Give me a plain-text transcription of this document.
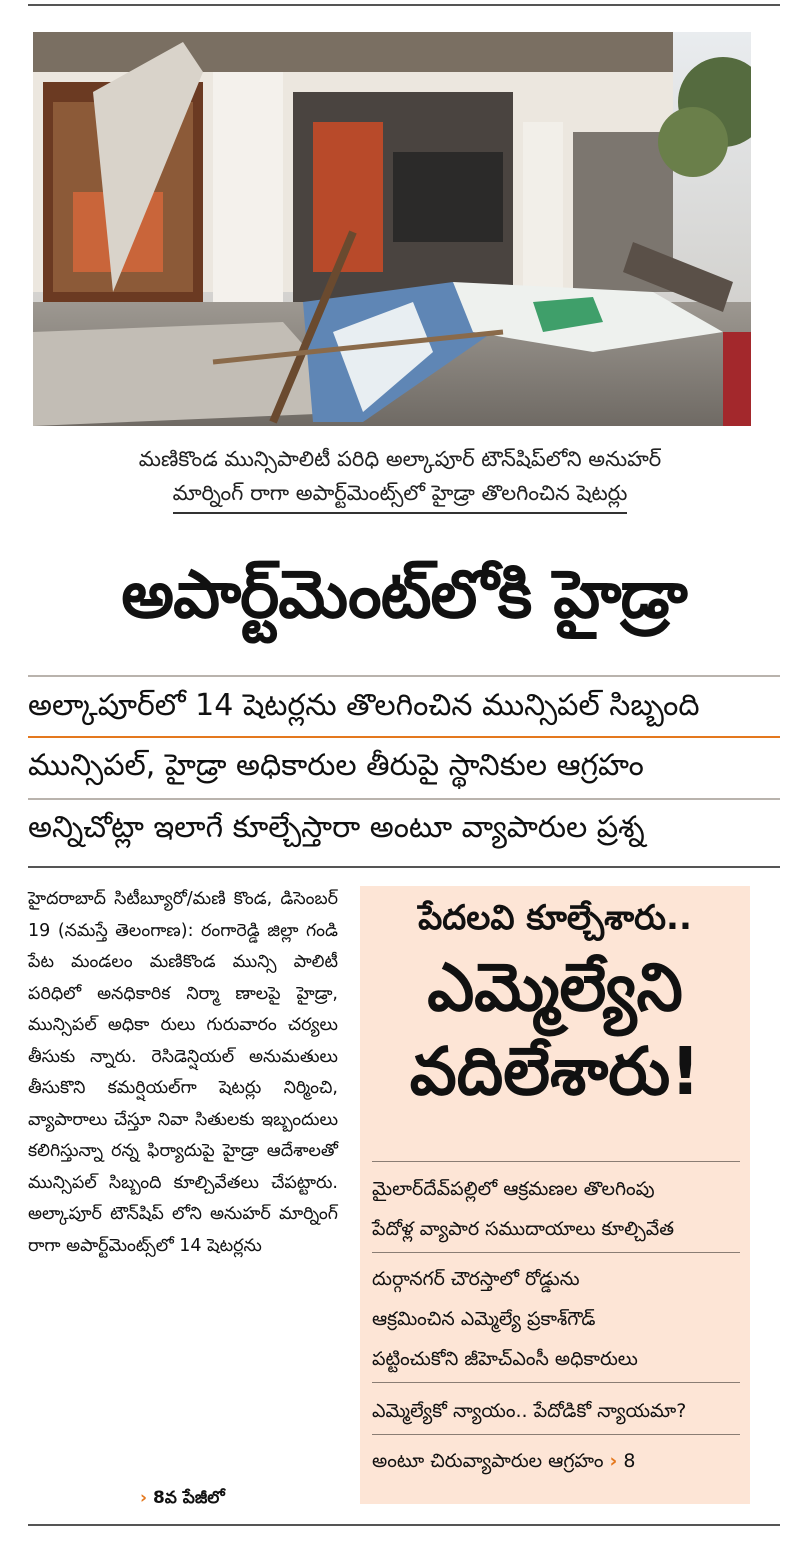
మణికొండ మున్సిపాలిటీ పరిధి అల్కాపూర్ టౌన్‌షిప్‌లోని అనుహర్
మార్నింగ్ రాగా అపార్ట్‌మెంట్స్‌లో హైడ్రా తొలగించిన షెటర్లు
అపార్ట్‌మెంట్‌లోకి హైడ్రా
అల్కాపూర్‌లో 14 షెటర్లను తొలగించిన మున్సిపల్ సిబ్బంది
మున్సిపల్, హైడ్రా అధికారుల తీరుపై స్థానికుల ఆగ్రహం
అన్నిచోట్లా ఇలాగే కూల్చేస్తారా అంటూ వ్యాపారుల ప్రశ్న

హైదరాబాద్ సిటీబ్యూరో/మణి కొండ, డిసెంబర్ 19 (నమస్తే తెలంగాణ): రంగారెడ్డి జిల్లా గండి పేట మండలం మణికొండ మున్సి పాలిటీ పరిధిలో అనధికారిక నిర్మా ణాలపై హైడ్రా, మున్సిపల్ అధికా రులు గురువారం చర్యలు తీసుకు న్నారు. రెసిడెన్షియల్ అనుమతులు తీసుకొని కమర్షియల్‌గా షెటర్లు నిర్మించి, వ్యాపారాలు చేస్తూ నివా సితులకు ఇబ్బందులు కలిగిస్తున్నా రన్న ఫిర్యాదుపై హైడ్రా ఆదేశాలతో మున్సిపల్ సిబ్బంది కూల్చివేతలు చేపట్టారు. అల్కాపూర్ టౌన్‌షిప్ లోని అనుహర్ మార్నింగ్ రాగా అపార్ట్‌మెంట్స్‌లో 14 షెటర్లను

› 8వ పేజీలో
పేదలవి కూల్చేశారు..
ఎమ్మెల్యేని
వదిలేశారు!
మైలార్‌దేవ్‌పల్లిలో ఆక్రమణల తొలగింపు
పేదోళ్ల వ్యాపార సముదాయాలు కూల్చివేత
దుర్గానగర్ చౌరస్తాలో రోడ్డును
ఆక్రమించిన ఎమ్మెల్యే ప్రకాశ్‌గౌడ్
పట్టించుకోని జీహెచ్ఎంసీ అధికారులు
ఎమ్మెల్యేకో న్యాయం.. పేదోడికో న్యాయమా?
అంటూ చిరువ్యాపారుల ఆగ్రహం › 8
